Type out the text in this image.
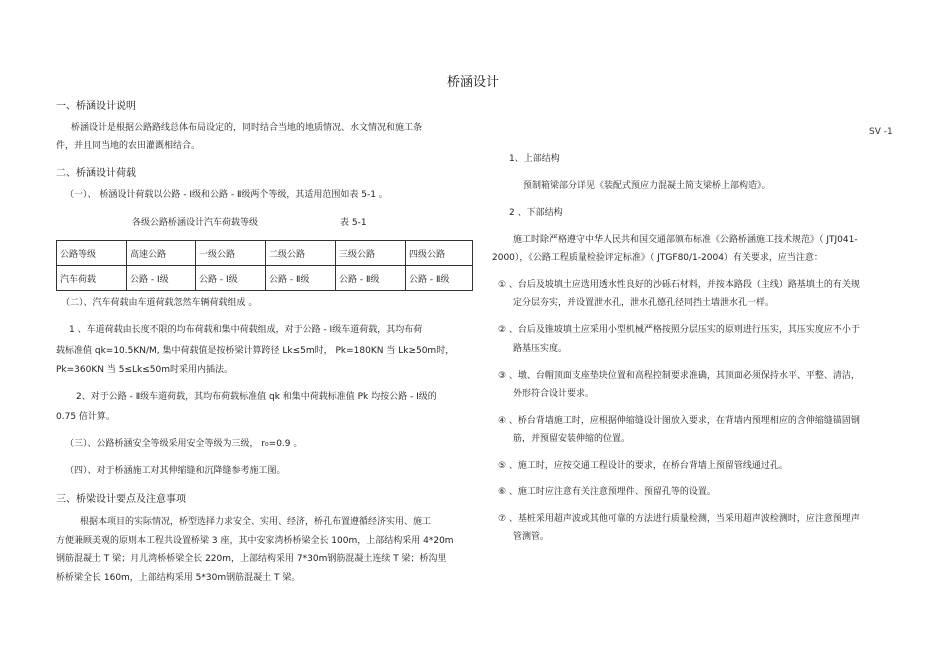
桥涵设计
SV -1
一、桥涵设计说明
桥涵设计是根据公路路线总体布局设定的，同时结合当地的地质情况、水文情况和施工条
件，并且同当地的农田灌溉相结合。
二、桥涵设计荷载
（一）、 桥涵设计荷载以公路 - Ⅰ级和公路 - Ⅱ级两个等级，其适用范围如表 5-1 。
各级公路桥涵设计汽车荷载等级	表 5-1
公路等级	高速公路	一级公路	二级公路	三级公路	四级公路
汽车荷载	公路 - Ⅰ级	公路 - Ⅰ级	公路 - Ⅱ级	公路 - Ⅱ级	公路 - Ⅱ级
（二）、汽车荷载由车道荷载忽然车辆荷载组成 。
1 、车道荷载由长度不限的均布荷载和集中荷载组成，对于公路 - Ⅰ级车道荷载，其均布荷
载标准值 qk=10.5KN/M, 集中荷载值是按桥梁计算跨径 Lk≤5m时， Pk=180KN 当 Lk≥50m时，
Pk=360KN 当 5≤Lk≤50m时采用内插法。
2、对于公路 - Ⅱ级车道荷载，其均布荷载标准值 qk 和集中荷载标准值 Pk 均按公路 - Ⅰ级的
0.75 倍计算。
（三）、公路桥涵安全等级采用安全等级为三级， r₀=0.9 。
（四）、对于桥涵施工对其伸缩缝和沉降缝参考施工图。
三、桥梁设计要点及注意事项
根据本项目的实际情况，桥型选择力求安全、实用、经济，桥孔布置遵循经济实用、施工
方便兼顾美观的原则本工程共设置桥梁 3 座，其中安家湾桥桥梁全长 100m，上部结构采用 4*20m
钢筋混凝土 T 梁；月儿湾桥桥梁全长 220m，上部结构采用 7*30m钢筋混凝土连续 T 梁；桥沟里
桥桥梁全长 160m，上部结构采用 5*30m钢筋混凝土 T 梁。
1、上部结构
预制箱梁部分详见《装配式预应力混凝土简支梁桥上部构造》。
2 、下部结构
施工时除严格遵守中华人民共和国交通部颁布标准《公路桥涵施工技术规范》（ JTJ041-
2000），《公路工程质量检验评定标准》（ JTGF80/1-2004）有关要求，应当注意：
① 、台后及坡填土应选用透水性良好的沙砾石材料，并按本路段（主线）路基填土的有关规
定分层夯实，并设置泄水孔，泄水孔德孔径同挡土墙泄水孔一样。
② 、台后及锥坡填土应采用小型机械严格按照分层压实的原则进行压实，其压实度应不小于
路基压实度。
③ 、墩、台帽顶面支座垫块位置和高程控制要求准确，其顶面必须保持水平、平整、清洁，
外形符合设计要求。
④ 、桥台背墙施工时，应根据伸缩缝设计图放入要求，在背墙内预埋相应的含伸缩缝锚固钢
筋，并预留安装伸缩的位置。
⑤ 、施工时，应按交通工程设计的要求，在桥台背墙上预留管线通过孔。
⑥ 、施工时应注意有关注意预埋件、预留孔等的设置。
⑦ 、基桩采用超声波或其他可靠的方法进行质量检测，当采用超声波检测时，应注意预埋声
管测管。
